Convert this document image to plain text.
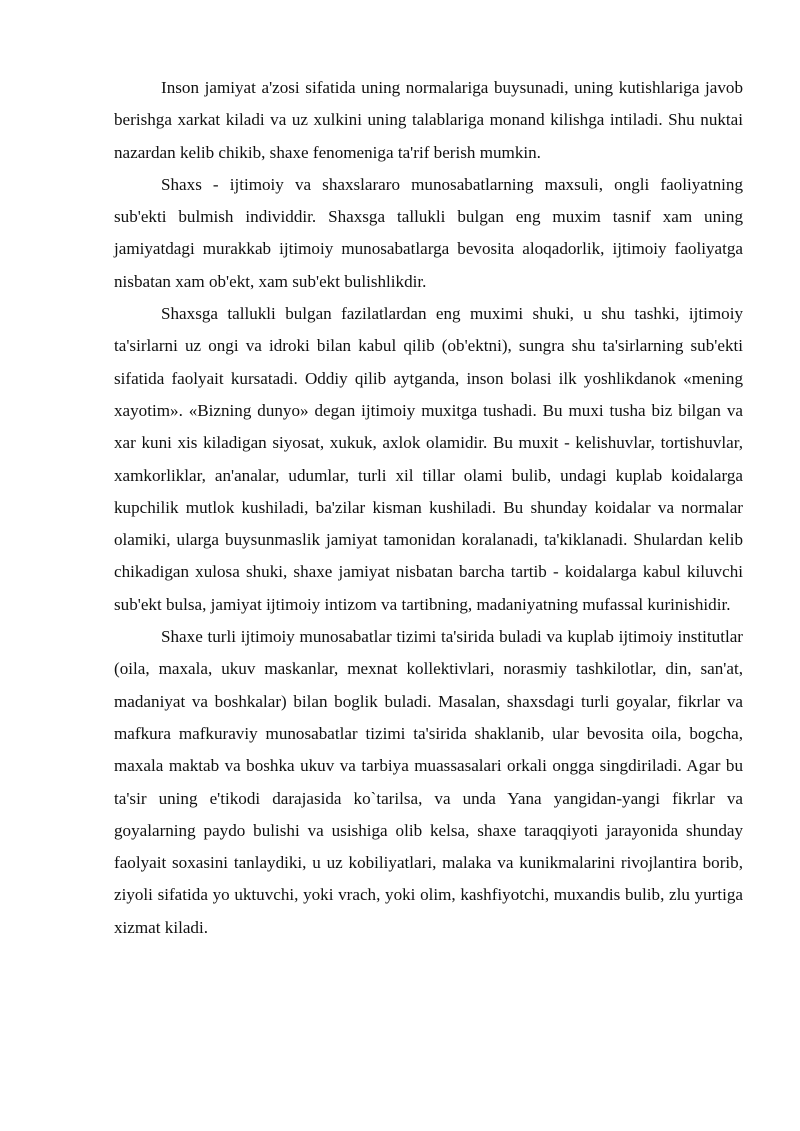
Inson jamiyat a'zosi sifatida uning normalariga buysunadi, uning kutishlariga javob berishga xarkat kiladi va uz xulkini uning talablariga monand kilishga intiladi. Shu nuktai nazardan kelib chikib, shaxe fenomeniga ta'rif berish mumkin.

Shaxs - ijtimoiy va shaxslararo munosabatlarning maxsuli, ongli faoliyatning sub'ekti bulmish individdir. Shaxsga tallukli bulgan eng muxim tasnif xam uning jamiyatdagi murakkab ijtimoiy munosabatlarga bevosita aloqadorlik, ijtimoiy faoliyatga nisbatan xam ob'ekt, xam sub'ekt bulishlikdir.

Shaxsga tallukli bulgan fazilatlardan eng muximi shuki, u shu tashki, ijtimoiy ta'sirlarni uz ongi va idroki bilan kabul qilib (ob'ektni), sungra shu ta'sirlarning sub'ekti sifatida faolyait kursatadi. Oddiy qilib aytganda, inson bolasi ilk yoshlikdanok «mening xayotim». «Bizning dunyo» degan ijtimoiy muxitga tushadi. Bu muxi tusha biz bilgan va xar kuni xis kiladigan siyosat, xukuk, axlok olamidir. Bu muxit - kelishuvlar, tortishuvlar, xamkorliklar, an'analar, udumlar, turli xil tillar olami bulib, undagi kuplab koidalarga kupchilik mutlok kushiladi, ba'zilar kisman kushiladi. Bu shunday koidalar va normalar olamiki, ularga buysunmaslik jamiyat tamonidan koralanadi, ta'kiklanadi. Shulardan kelib chikadigan xulosa shuki, shaxe jamiyat nisbatan barcha tartib - koidalarga kabul kiluvchi sub'ekt bulsa, jamiyat ijtimoiy intizom va tartibning, madaniyatning mufassal kurinishidir.

Shaxe turli ijtimoiy munosabatlar tizimi ta'sirida buladi va kuplab ijtimoiy institutlar (oila, maxala, ukuv maskanlar, mexnat kollektivlari, norasmiy tashkilotlar, din, san'at, madaniyat va boshkalar) bilan boglik buladi. Masalan, shaxsdagi turli goyalar, fikrlar va mafkura mafkuraviy munosabatlar tizimi ta'sirida shaklanib, ular bevosita oila, bogcha, maxala maktab va boshka ukuv va tarbiya muassasalari orkali ongga singdiriladi. Agar bu ta'sir uning e'tikodi darajasida ko`tarilsa, va unda Yana yangidan-yangi fikrlar va goyalarning paydo bulishi va usishiga olib kelsa, shaxe taraqqiyoti jarayonida shunday faolyait soxasini tanlaydiki, u uz kobiliyatlari, malaka va kunikmalarini rivojlantira borib, ziyoli sifatida yo uktuvchi, yoki vrach, yoki olim, kashfiyotchi, muxandis bulib, zlu yurtiga xizmat kiladi.
